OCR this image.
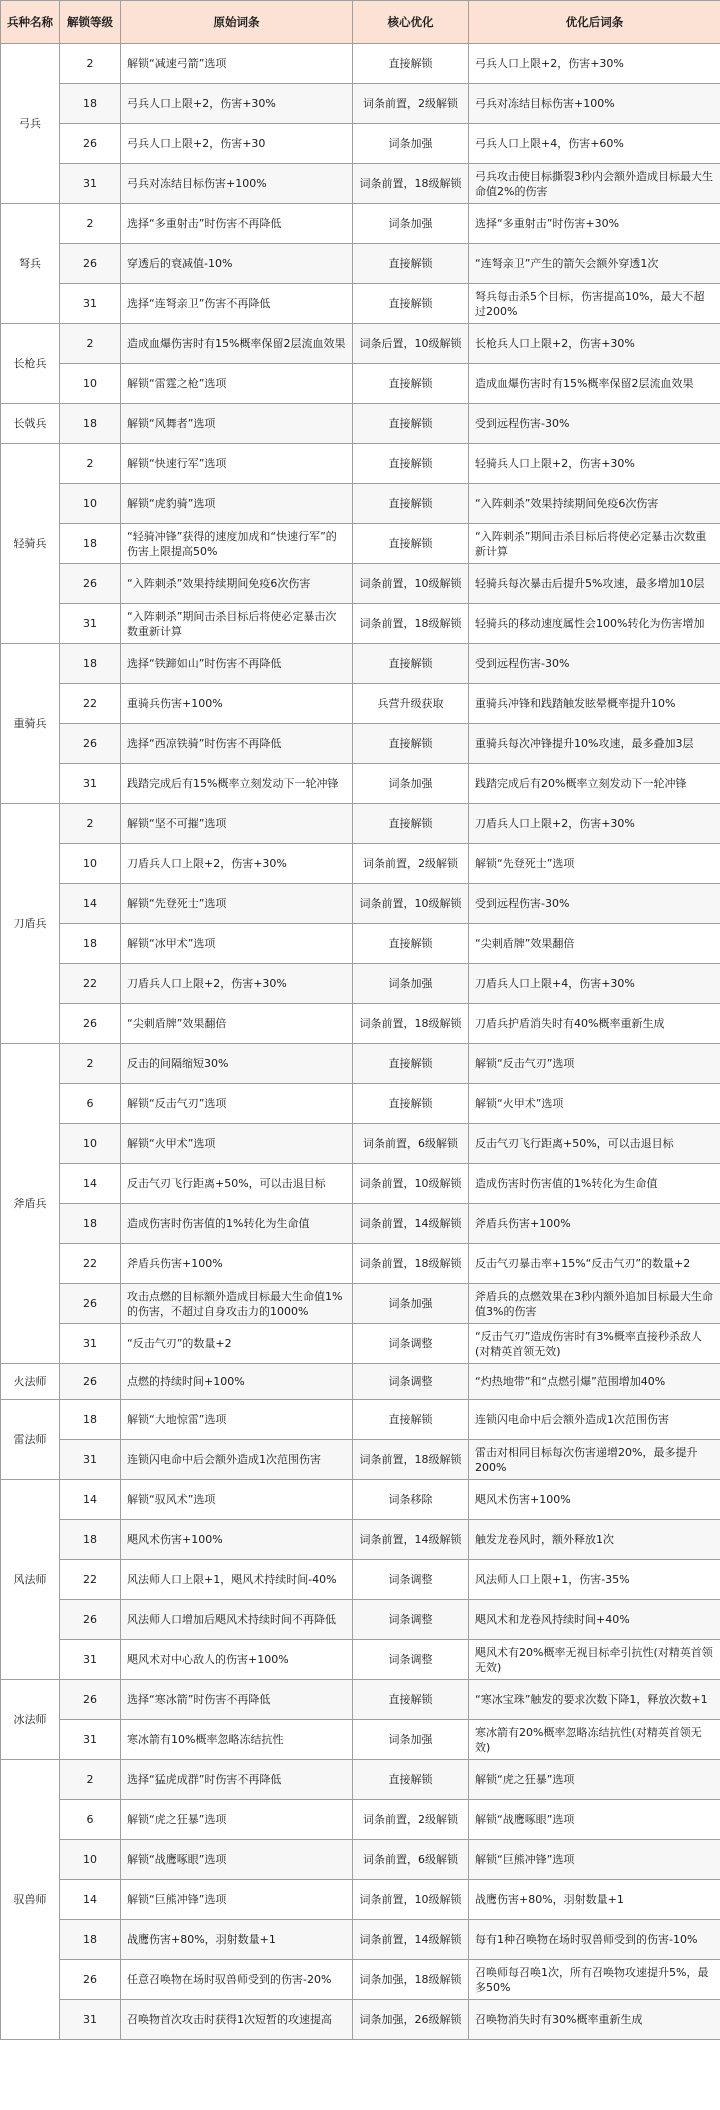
兵种名称	解锁等级	原始词条	核心优化	优化后词条
弓兵	2	解锁“减速弓箭”选项	直接解锁	弓兵人口上限+2，伤害+30%
	18	弓兵人口上限+2，伤害+30%	词条前置，2级解锁	弓兵对冻结目标伤害+100%
	26	弓兵人口上限+2，伤害+30	词条加强	弓兵人口上限+4，伤害+60%
	31	弓兵对冻结目标伤害+100%	词条前置，18级解锁	弓兵攻击使目标撕裂3秒内会额外造成目标最大生命值2%的伤害
弩兵	2	选择“多重射击”时伤害不再降低	词条加强	选择“多重射击”时伤害+30%
	26	穿透后的衰减值-10%	直接解锁	“连弩亲卫”产生的箭矢会额外穿透1次
	31	选择“连弩亲卫”伤害不再降低	直接解锁	弩兵每击杀5个目标，伤害提高10%，最大不超过200%
长枪兵	2	造成血爆伤害时有15%概率保留2层流血效果	词条后置，10级解锁	长枪兵人口上限+2，伤害+30%
	10	解锁“雷霆之枪”选项	直接解锁	造成血爆伤害时有15%概率保留2层流血效果
长戟兵	18	解锁“风舞者”选项	直接解锁	受到远程伤害-30%
轻骑兵	2	解锁“快速行军”选项	直接解锁	轻骑兵人口上限+2，伤害+30%
	10	解锁“虎豹骑”选项	直接解锁	“入阵刺杀”效果持续期间免疫6次伤害
	18	“轻骑冲锋”获得的速度加成和“快速行军”的伤害上限提高50%	直接解锁	“入阵刺杀”期间击杀目标后将使必定暴击次数重新计算
	26	“入阵刺杀”效果持续期间免疫6次伤害	词条前置，10级解锁	轻骑兵每次暴击后提升5%攻速，最多增加10层
	31	“入阵刺杀”期间击杀目标后将使必定暴击次数重新计算	词条前置，18级解锁	轻骑兵的移动速度属性会100%转化为伤害增加
重骑兵	18	选择“铁蹄如山”时伤害不再降低	直接解锁	受到远程伤害-30%
	22	重骑兵伤害+100%	兵营升级获取	重骑兵冲锋和践踏触发眩晕概率提升10%
	26	选择“西凉铁骑”时伤害不再降低	直接解锁	重骑兵每次冲锋提升10%攻速，最多叠加3层
	31	践踏完成后有15%概率立刻发动下一轮冲锋	词条加强	践踏完成后有20%概率立刻发动下一轮冲锋
刀盾兵	2	解锁“坚不可摧”选项	直接解锁	刀盾兵人口上限+2，伤害+30%
	10	刀盾兵人口上限+2，伤害+30%	词条前置，2级解锁	解锁“先登死士”选项
	14	解锁“先登死士”选项	词条前置，10级解锁	受到远程伤害-30%
	18	解锁“冰甲术”选项	直接解锁	“尖刺盾牌”效果翻倍
	22	刀盾兵人口上限+2，伤害+30%	词条加强	刀盾兵人口上限+4，伤害+30%
	26	“尖刺盾牌”效果翻倍	词条前置，18级解锁	刀盾兵护盾消失时有40%概率重新生成
斧盾兵	2	反击的间隔缩短30%	直接解锁	解锁“反击气刃”选项
	6	解锁“反击气刃”选项	直接解锁	解锁“火甲术”选项
	10	解锁“火甲术”选项	词条前置，6级解锁	反击气刃飞行距离+50%，可以击退目标
	14	反击气刃飞行距离+50%，可以击退目标	词条前置，10级解锁	造成伤害时伤害值的1%转化为生命值
	18	造成伤害时伤害值的1%转化为生命值	词条前置，14级解锁	斧盾兵伤害+100%
	22	斧盾兵伤害+100%	词条前置，18级解锁	反击气刃暴击率+15%“反击气刃”的数量+2
	26	攻击点燃的目标额外造成目标最大生命值1%的伤害，不超过自身攻击力的1000%	词条加强	斧盾兵的点燃效果在3秒内额外追加目标最大生命值3%的伤害
	31	“反击气刃”的数量+2	词条调整	“反击气刃”造成伤害时有3%概率直接秒杀敌人(对精英首领无效)
火法师	26	点燃的持续时间+100%	词条调整	“灼热地带”和“点燃引爆”范围增加40%
雷法师	18	解锁“大地惊雷”选项	直接解锁	连锁闪电命中后会额外造成1次范围伤害
	31	连锁闪电命中后会额外造成1次范围伤害	词条前置，18级解锁	雷击对相同目标每次伤害递增20%，最多提升200%
风法师	14	解锁“驭风术”选项	词条移除	飓风术伤害+100%
	18	飓风术伤害+100%	词条前置，14级解锁	触发龙卷风时，额外释放1次
	22	风法师人口上限+1，飓风术持续时间-40%	词条调整	风法师人口上限+1，伤害-35%
	26	风法师人口增加后飓风术持续时间不再降低	词条调整	飓风术和龙卷风持续时间+40%
	31	飓风术对中心敌人的伤害+100%	词条调整	飓风术有20%概率无视目标牵引抗性(对精英首领无效)
冰法师	26	选择“寒冰箭”时伤害不再降低	直接解锁	“寒冰宝珠”触发的要求次数下降1，释放次数+1
	31	寒冰箭有10%概率忽略冻结抗性	词条加强	寒冰箭有20%概率忽略冻结抗性(对精英首领无效)
驭兽师	2	选择“猛虎成群”时伤害不再降低	直接解锁	解锁“虎之狂暴”选项
	6	解锁“虎之狂暴”选项	词条前置，2级解锁	解锁“战鹰啄眼”选项
	10	解锁“战鹰啄眼”选项	词条前置，6级解锁	解锁“巨熊冲锋”选项
	14	解锁“巨熊冲锋”选项	词条前置，10级解锁	战鹰伤害+80%，羽射数量+1
	18	战鹰伤害+80%，羽射数量+1	词条前置，14级解锁	每有1种召唤物在场时驭兽师受到的伤害-10%
	26	任意召唤物在场时驭兽师受到的伤害-20%	词条加强，18级解锁	召唤师每召唤1次，所有召唤物攻速提升5%，最多50%
	31	召唤物首次攻击时获得1次短暂的攻速提高	词条加强，26级解锁	召唤物消失时有30%概率重新生成
